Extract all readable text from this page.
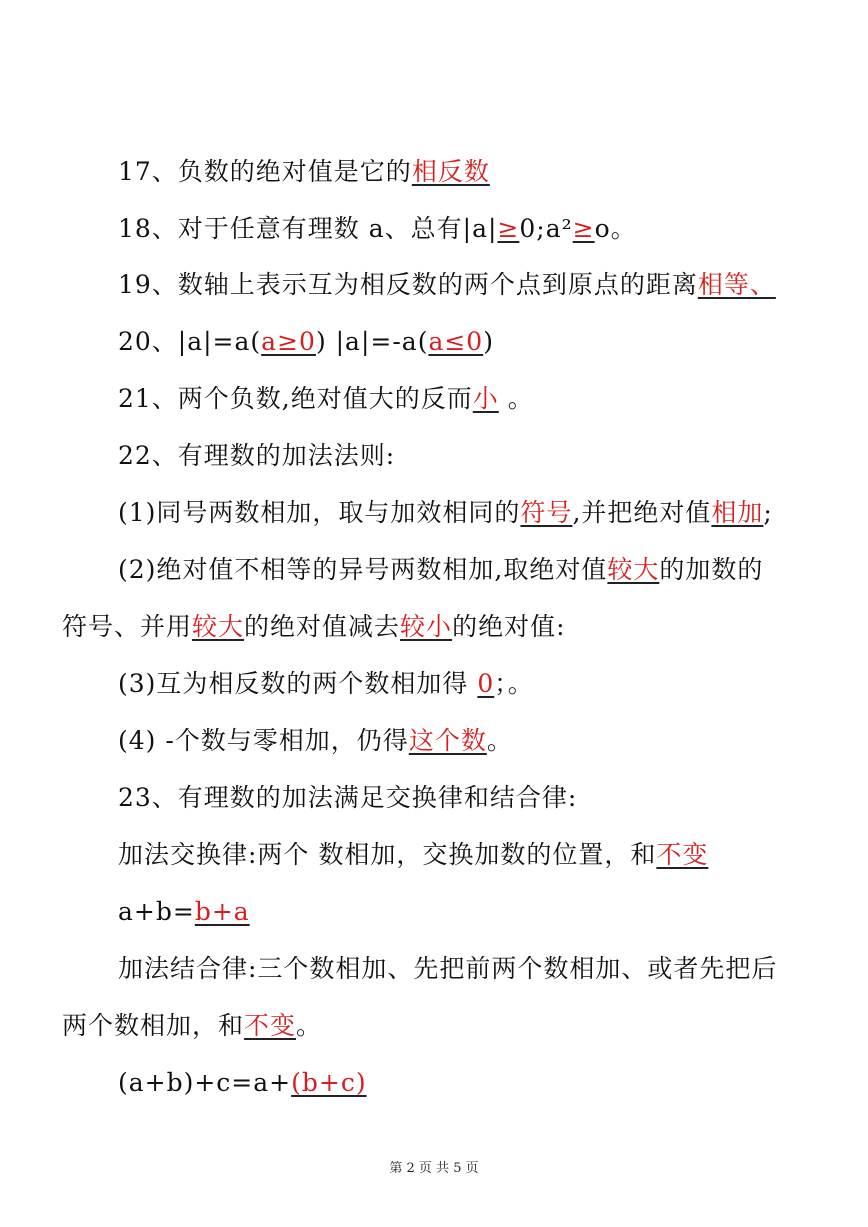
17、负数的绝对值是它的相反数
18、对于任意有理数 a、总有|a|≥0;a²≥o。
19、数轴上表示互为相反数的两个点到原点的距离相等、
20、|a|=a(a≥0) |a|=-a(a≤0)
21、两个负数,绝对值大的反而小 。
22、有理数的加法法则:
(1)同号两数相加，取与加效相同的符号,并把绝对值相加;
(2)绝对值不相等的异号两数相加,取绝对值较大的加数的
符号、并用较大的绝对值减去较小的绝对值:
(3)互为相反数的两个数相加得 0；。
(4) -个数与零相加，仍得这个数。
23、有理数的加法满足交换律和结合律:
加法交换律:两个 数相加，交换加数的位置，和不变
a+b=b+a
加法结合律:三个数相加、先把前两个数相加、或者先把后
两个数相加，和不变。
(a+b)+c=a+(b+c)
第 2 页 共 5 页
